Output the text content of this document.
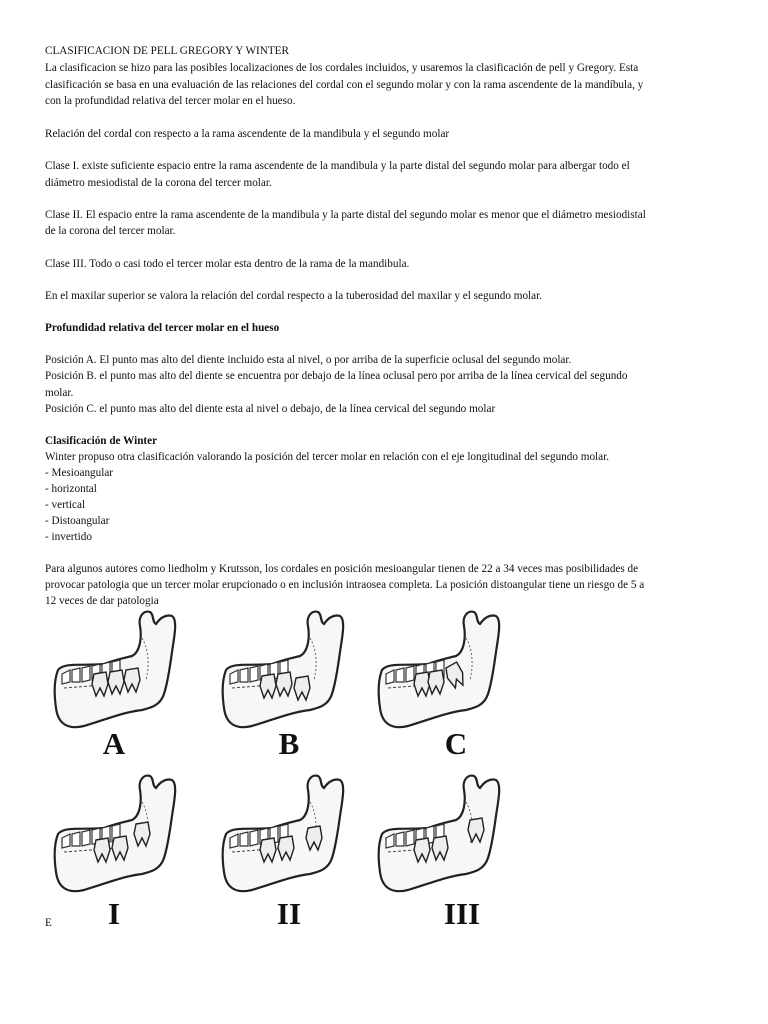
CLASIFICACION DE PELL GREGORY Y WINTER
La clasificacion se hizo para las posibles localizaciones de los cordales incluidos, y usaremos la clasificación de pell y Gregory. Esta
clasificación se basa en una evaluación de las relaciones del cordal con el segundo molar y con la rama ascendente de la mandíbula, y
con la profundidad relativa del tercer molar en el hueso.
Relación del cordal con respecto a la rama ascendente de la mandibula y el segundo molar
Clase I. existe suficiente espacio entre la rama ascendente de la mandibula y la parte distal del segundo molar para albergar todo el
diámetro mesiodistal de la corona del tercer molar.
Clase II. El espacio entre la rama ascendente de la mandibula y la parte distal del segundo molar es menor que el diámetro mesiodistal
de la corona del tercer molar.
Clase III. Todo o casi todo el tercer molar esta dentro de la rama de la mandibula.
En el maxilar superior se valora la relación del cordal respecto a la tuberosidad del maxilar y el segundo molar.
Profundidad relativa del tercer molar en el hueso
Posición A. El punto mas alto del diente incluido esta al nivel, o por arriba de la superficie oclusal del segundo molar.
Posición B. el punto mas alto del diente se encuentra por debajo de la línea oclusal pero por arriba de la línea cervical del segundo
molar.
Posición C. el punto mas alto del diente esta al nivel o debajo, de la línea cervical del segundo molar
Clasificación de Winter
Winter propuso otra clasificación valorando la posición del tercer molar en relación con el eje longitudinal del segundo molar.
- Mesioangular
- horizontal
- vertical
- Distoangular
- invertido
Para algunos autores como liedholm y Krutsson, los cordales en posición mesioangular tienen de 22 a 34 veces mas posibilidades de
provocar patologia que un tercer molar erupcionado o en inclusión intraosea completa. La posición distoangular tiene un riesgo de 5 a
12 veces de dar patologia
A	B	C
I	II	III
E
